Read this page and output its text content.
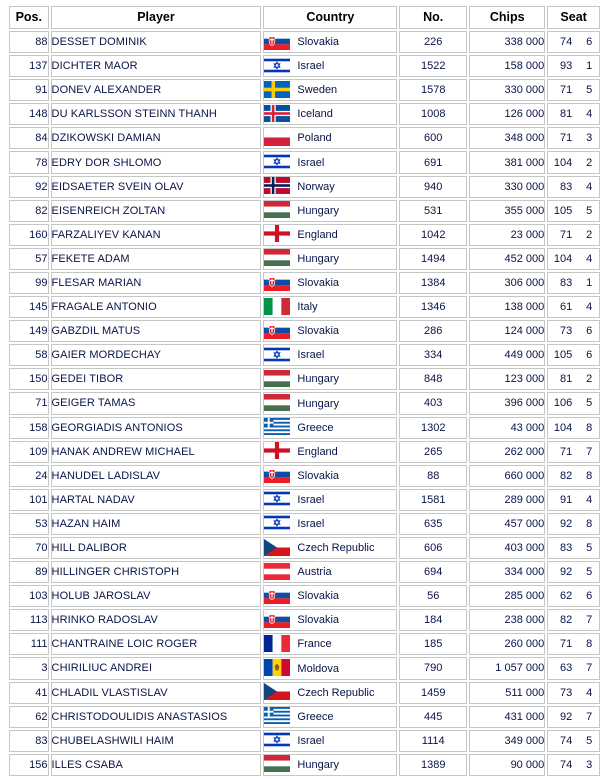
Pos.	Player	Country	No.	Chips	Seat
88	DESSET DOMINIK	Slovakia	226	338 000	74 6
137	DICHTER MAOR	Israel	1522	158 000	93 1
91	DONEV ALEXANDER	Sweden	1578	330 000	71 5
148	DU KARLSSON STEINN THANH	Iceland	1008	126 000	81 4
84	DZIKOWSKI DAMIAN	Poland	600	348 000	71 3
78	EDRY DOR SHLOMO	Israel	691	381 000	104 2
92	EIDSAETER SVEIN OLAV	Norway	940	330 000	83 4
82	EISENREICH ZOLTAN	Hungary	531	355 000	105 5
160	FARZALIYEV KANAN	England	1042	23 000	71 2
57	FEKETE ADAM	Hungary	1494	452 000	104 4
99	FLESAR MARIAN	Slovakia	1384	306 000	83 1
145	FRAGALE ANTONIO	Italy	1346	138 000	61 4
149	GABZDIL MATUS	Slovakia	286	124 000	73 6
58	GAIER MORDECHAY	Israel	334	449 000	105 6
150	GEDEI TIBOR	Hungary	848	123 000	81 2
71	GEIGER TAMAS	Hungary	403	396 000	106 5
158	GEORGIADIS ANTONIOS	Greece	1302	43 000	104 8
109	HANAK ANDREW MICHAEL	England	265	262 000	71 7
24	HANUDEL LADISLAV	Slovakia	88	660 000	82 8
101	HARTAL NADAV	Israel	1581	289 000	91 4
53	HAZAN HAIM	Israel	635	457 000	92 8
70	HILL DALIBOR	Czech Republic	606	403 000	83 5
89	HILLINGER CHRISTOPH	Austria	694	334 000	92 5
103	HOLUB JAROSLAV	Slovakia	56	285 000	62 6
113	HRINKO RADOSLAV	Slovakia	184	238 000	82 7
111	CHANTRAINE LOIC ROGER	France	185	260 000	71 8
3	CHIRILIUC ANDREI	Moldova	790	1 057 000	63 7
41	CHLADIL VLASTISLAV	Czech Republic	1459	511 000	73 4
62	CHRISTODOULIDIS ANASTASIOS	Greece	445	431 000	92 7
83	CHUBELASHWILI HAIM	Israel	1114	349 000	74 5
156	ILLES CSABA	Hungary	1389	90 000	74 3
